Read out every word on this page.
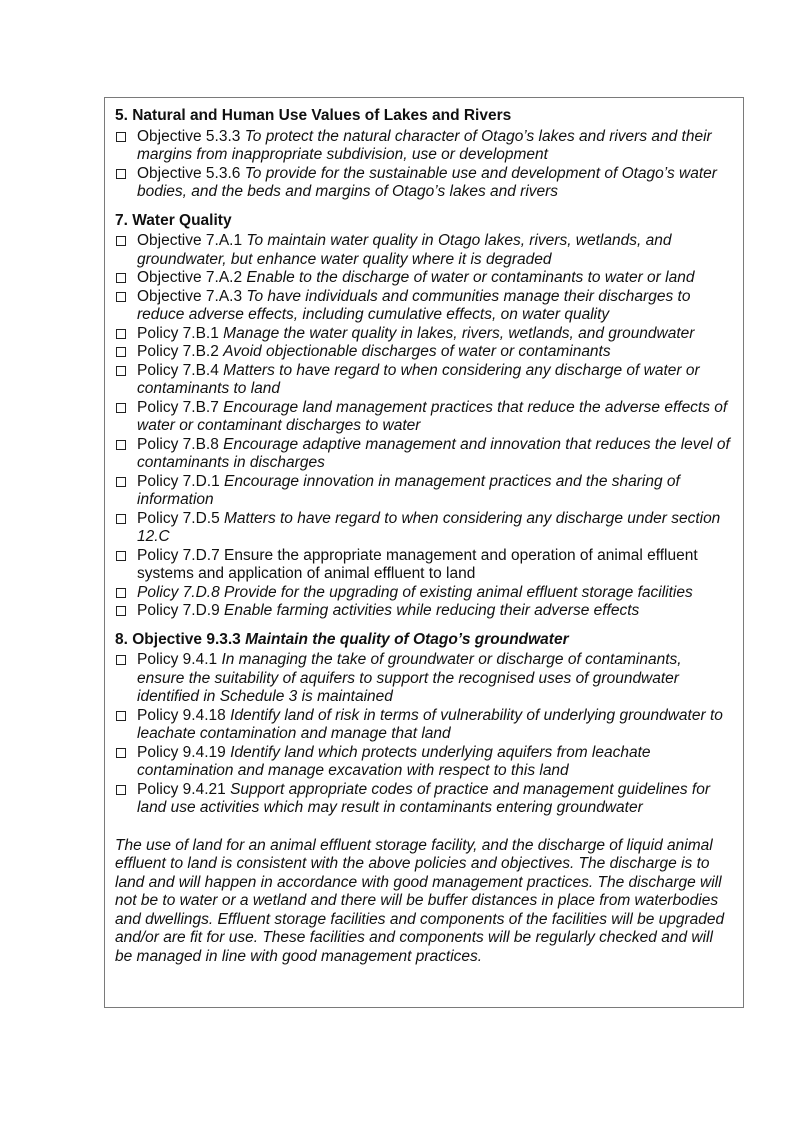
5. Natural and Human Use Values of Lakes and Rivers
Objective 5.3.3 To protect the natural character of Otago’s lakes and rivers and their margins from inappropriate subdivision, use or development
Objective 5.3.6 To provide for the sustainable use and development of Otago’s water bodies, and the beds and margins of Otago’s lakes and rivers
7. Water Quality
Objective 7.A.1 To maintain water quality in Otago lakes, rivers, wetlands, and groundwater, but enhance water quality where it is degraded
Objective 7.A.2 Enable to the discharge of water or contaminants to water or land
Objective 7.A.3 To have individuals and communities manage their discharges to reduce adverse effects, including cumulative effects, on water quality
Policy 7.B.1 Manage the water quality in lakes, rivers, wetlands, and groundwater
Policy 7.B.2 Avoid objectionable discharges of water or contaminants
Policy 7.B.4 Matters to have regard to when considering any discharge of water or contaminants to land
Policy 7.B.7 Encourage land management practices that reduce the adverse effects of water or contaminant discharges to water
Policy 7.B.8 Encourage adaptive management and innovation that reduces the level of contaminants in discharges
Policy 7.D.1 Encourage innovation in management practices and the sharing of information
Policy 7.D.5 Matters to have regard to when considering any discharge under section 12.C
Policy 7.D.7 Ensure the appropriate management and operation of animal effluent systems and application of animal effluent to land
Policy 7.D.8 Provide for the upgrading of existing animal effluent storage facilities
Policy 7.D.9 Enable farming activities while reducing their adverse effects
8. Objective 9.3.3 Maintain the quality of Otago’s groundwater
Policy 9.4.1 In managing the take of groundwater or discharge of contaminants, ensure the suitability of aquifers to support the recognised uses of groundwater identified in Schedule 3 is maintained
Policy 9.4.18 Identify land of risk in terms of vulnerability of underlying groundwater to leachate contamination and manage that land
Policy 9.4.19 Identify land which protects underlying aquifers from leachate contamination and manage excavation with respect to this land
Policy 9.4.21 Support appropriate codes of practice and management guidelines for land use activities which may result in contaminants entering groundwater

The use of land for an animal effluent storage facility, and the discharge of liquid animal effluent to land is consistent with the above policies and objectives. The discharge is to land and will happen in accordance with good management practices. The discharge will not be to water or a wetland and there will be buffer distances in place from waterbodies and dwellings. Effluent storage facilities and components of the facilities will be upgraded and/or are fit for use. These facilities and components will be regularly checked and will be managed in line with good management practices.
